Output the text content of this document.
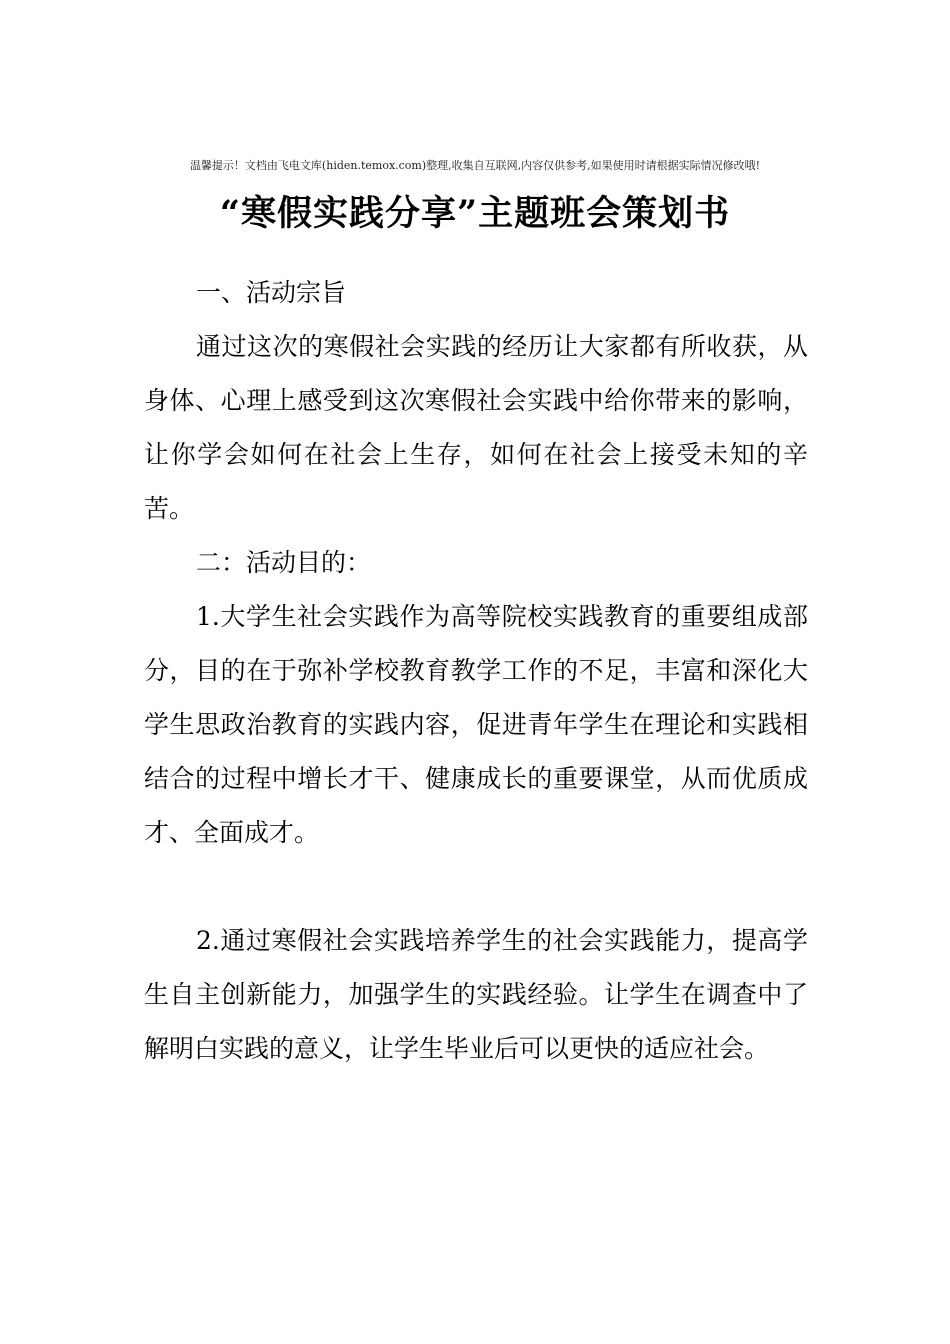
温馨提示！文档由飞电文库(hiden.temox.com)整理,收集自互联网,内容仅供参考,如果使用时请根据实际情况修改哦!
“寒假实践分享”主题班会策划书

一、活动宗旨

通过这次的寒假社会实践的经历让大家都有所收获，从身体、心理上感受到这次寒假社会实践中给你带来的影响，让你学会如何在社会上生存，如何在社会上接受未知的辛苦。

二：活动目的：

1.大学生社会实践作为高等院校实践教育的重要组成部分，目的在于弥补学校教育教学工作的不足，丰富和深化大学生思政治教育的实践内容，促进青年学生在理论和实践相结合的过程中增长才干、健康成长的重要课堂，从而优质成才、全面成才。

2.通过寒假社会实践培养学生的社会实践能力，提高学生自主创新能力，加强学生的实践经验。让学生在调查中了解明白实践的意义，让学生毕业后可以更快的适应社会。
